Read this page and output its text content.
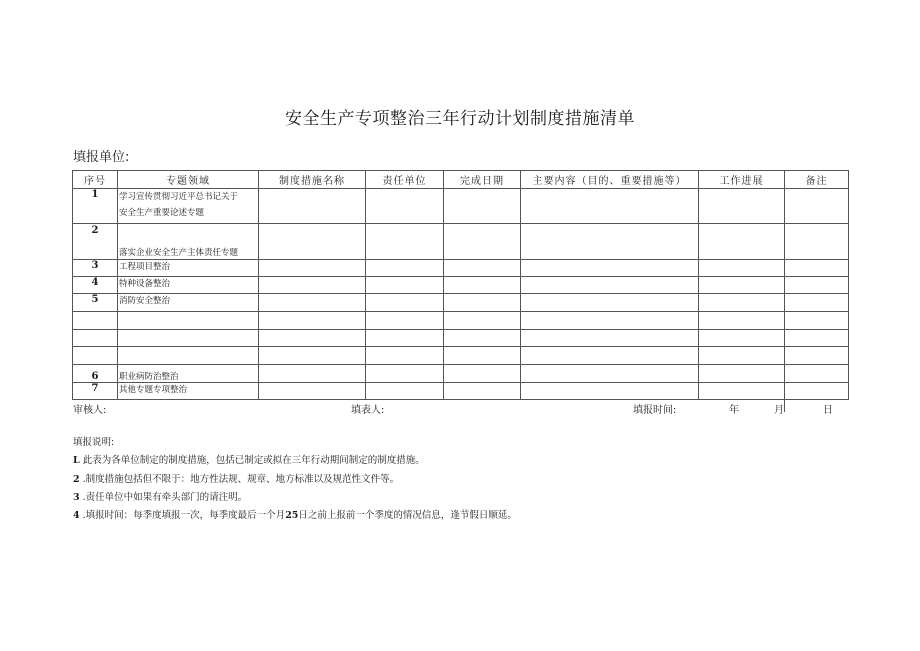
安全生产专项整治三年行动计划制度措施清单
填报单位:
序号	专题领域	制度措施名称	责任单位	完成日期	主要内容（目的、重要措施等）	工作进展	备注
1	学习宣传贯彻习近平总书记关于
安全生产重要论述专题						

2	落实企业安全生产主体责任专题						
3	工程项目整治						
4	特种设备整治						
5	消防安全整治						

6	职业病防治整治						
7	其他专题专项整治						
审核人:	填表人:	填报时间:	年	月	日
填报说明:
L 此表为各单位制定的制度措施，包括已制定或拟在三年行动期间制定的制度措施。
2 .制度措施包括但不限于：地方性法规、规章、地方标准以及规范性文件等。
3 .责任单位中如果有牵头部门的请注明。
4 .填报时间：每季度填报一次，每季度最后一个月25日之前上报前一个季度的情况信息，逢节假日顺延。
